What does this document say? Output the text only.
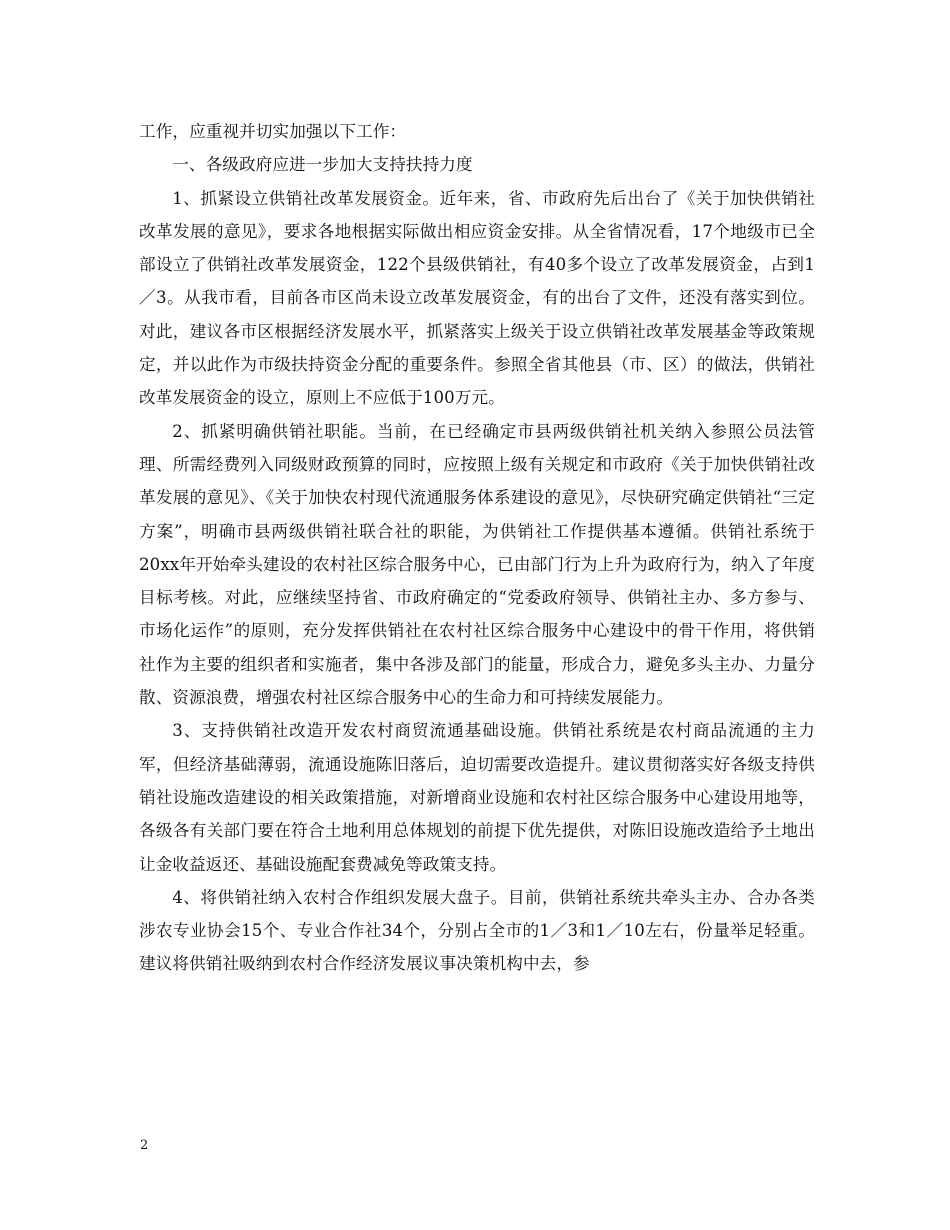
工作，应重视并切实加强以下工作：

一、各级政府应进一步加大支持扶持力度

1、抓紧设立供销社改革发展资金。近年来，省、市政府先后出台了《关于加快供销社改革发展的意见》，要求各地根据实际做出相应资金安排。从全省情况看，17个地级市已全部设立了供销社改革发展资金，122个县级供销社，有40多个设立了改革发展资金，占到1／3。从我市看，目前各市区尚未设立改革发展资金，有的出台了文件，还没有落实到位。对此，建议各市区根据经济发展水平，抓紧落实上级关于设立供销社改革发展基金等政策规定，并以此作为市级扶持资金分配的重要条件。参照全省其他县（市、区）的做法，供销社改革发展资金的设立，原则上不应低于100万元。

2、抓紧明确供销社职能。当前，在已经确定市县两级供销社机关纳入参照公员法管理、所需经费列入同级财政预算的同时，应按照上级有关规定和市政府《关于加快供销社改革发展的意见》、《关于加快农村现代流通服务体系建设的意见》，尽快研究确定供销社“三定方案”，明确市县两级供销社联合社的职能，为供销社工作提供基本遵循。供销社系统于20xx年开始牵头建设的农村社区综合服务中心，已由部门行为上升为政府行为，纳入了年度目标考核。对此，应继续坚持省、市政府确定的“党委政府领导、供销社主办、多方参与、市场化运作”的原则，充分发挥供销社在农村社区综合服务中心建设中的骨干作用，将供销社作为主要的组织者和实施者，集中各涉及部门的能量，形成合力，避免多头主办、力量分散、资源浪费，增强农村社区综合服务中心的生命力和可持续发展能力。

3、支持供销社改造开发农村商贸流通基础设施。供销社系统是农村商品流通的主力军，但经济基础薄弱，流通设施陈旧落后，迫切需要改造提升。建议贯彻落实好各级支持供销社设施改造建设的相关政策措施，对新增商业设施和农村社区综合服务中心建设用地等，各级各有关部门要在符合土地利用总体规划的前提下优先提供，对陈旧设施改造给予土地出让金收益返还、基础设施配套费减免等政策支持。

4、将供销社纳入农村合作组织发展大盘子。目前，供销社系统共牵头主办、合办各类涉农专业协会15个、专业合作社34个，分别占全市的1／3和1／10左右，份量举足轻重。建议将供销社吸纳到农村合作经济发展议事决策机构中去，参

2
